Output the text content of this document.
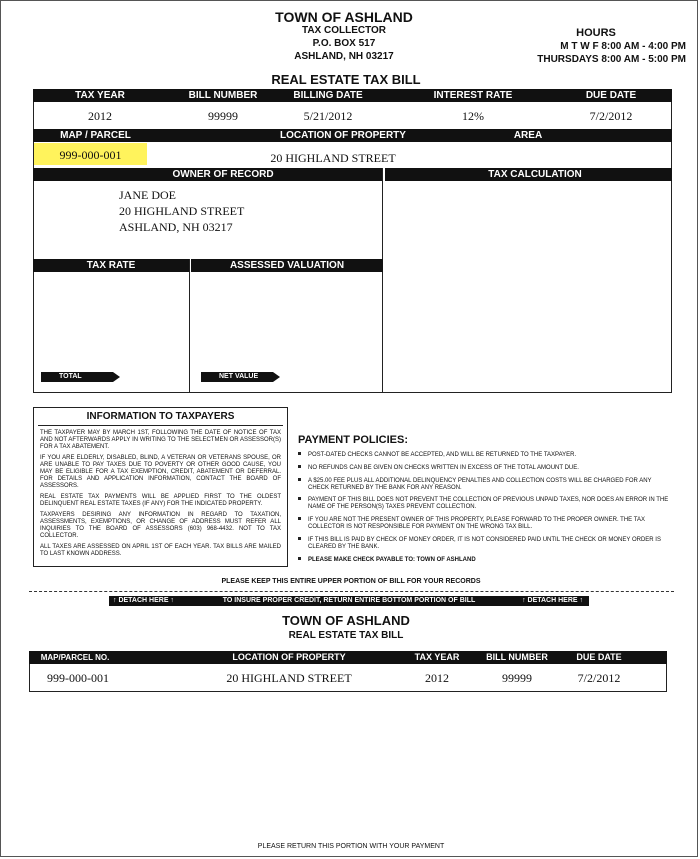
TOWN OF ASHLAND
TAX COLLECTOR
P.O. BOX 517
ASHLAND, NH 03217
HOURS
M T W F 8:00 AM - 4:00 PM
THURSDAYS 8:00 AM - 5:00 PM
REAL ESTATE TAX BILL
TAX YEAR	BILL NUMBER	BILLING DATE	INTEREST RATE	DUE DATE
2012	99999	5/21/2012	12%	7/2/2012
MAP / PARCEL	LOCATION OF PROPERTY	AREA
999-000-001	20 HIGHLAND STREET
OWNER OF RECORD	TAX CALCULATION
JANE DOE
20 HIGHLAND STREET
ASHLAND, NH 03217
TAX RATE	ASSESSED VALUATION
TOTAL	NET VALUE
INFORMATION TO TAXPAYERS

THE TAXPAYER MAY BY MARCH 1ST, FOLLOWING THE DATE OF NOTICE OF TAX AND NOT AFTERWARDS APPLY IN WRITING TO THE SELECTMEN OR ASSESSOR(S) FOR A TAX ABATEMENT.

IF YOU ARE ELDERLY, DISABLED, BLIND, A VETERAN OR VETERANS SPOUSE, OR ARE UNABLE TO PAY TAXES DUE TO POVERTY OR OTHER GOOD CAUSE, YOU MAY BE ELIGIBLE FOR A TAX EXEMPTION, CREDIT, ABATEMENT OR DEFERRAL. FOR DETAILS AND APPLICATION INFORMATION, CONTACT THE BOARD OF ASSESSORS.

REAL ESTATE TAX PAYMENTS WILL BE APPLIED FIRST TO THE OLDEST DELINQUENT REAL ESTATE TAXES (IF ANY) FOR THE INDICATED PROPERTY.

TAXPAYERS DESIRING ANY INFORMATION IN REGARD TO TAXATION, ASSESSMENTS, EXEMPTIONS, OR CHANGE OF ADDRESS MUST REFER ALL INQUIRIES TO THE BOARD OF ASSESSORS (603) 968-4432. NOT TO TAX COLLECTOR.

ALL TAXES ARE ASSESSED ON APRIL 1ST OF EACH YEAR. TAX BILLS ARE MAILED TO LAST KNOWN ADDRESS.

PAYMENT POLICIES:

POST-DATED CHECKS CANNOT BE ACCEPTED, AND WILL BE RETURNED TO THE TAXPAYER.

NO REFUNDS CAN BE GIVEN ON CHECKS WRITTEN IN EXCESS OF THE TOTAL AMOUNT DUE.

A $25.00 FEE PLUS ALL ADDITIONAL DELINQUENCY PENALTIES AND COLLECTION COSTS WILL BE CHARGED FOR ANY CHECK RETURNED BY THE BANK FOR ANY REASON.

PAYMENT OF THIS BILL DOES NOT PREVENT THE COLLECTION OF PREVIOUS UNPAID TAXES, NOR DOES AN ERROR IN THE NAME OF THE PERSON(S) TAXES PREVENT COLLECTION.

IF YOU ARE NOT THE PRESENT OWNER OF THIS PROPERTY, PLEASE FORWARD TO THE PROPER OWNER. THE TAX COLLECTOR IS NOT RESPONSIBLE FOR PAYMENT ON THE WRONG TAX BILL.

IF THIS BILL IS PAID BY CHECK OF MONEY ORDER, IT IS NOT CONSIDERED PAID UNTIL THE CHECK OR MONEY ORDER IS CLEARED BY THE BANK.

PLEASE MAKE CHECK PAYABLE TO: TOWN OF ASHLAND

PLEASE KEEP THIS ENTIRE UPPER PORTION OF BILL FOR YOUR RECORDS
↑ DETACH HERE ↑	TO INSURE PROPER CREDIT, RETURN ENTIRE BOTTOM PORTION OF BILL	↑ DETACH HERE ↑
TOWN OF ASHLAND
REAL ESTATE TAX BILL
MAP/PARCEL NO.	LOCATION OF PROPERTY	TAX YEAR	BILL NUMBER	DUE DATE
999-000-001	20 HIGHLAND STREET	2012	99999	7/2/2012
PLEASE RETURN THIS PORTION WITH YOUR PAYMENT
